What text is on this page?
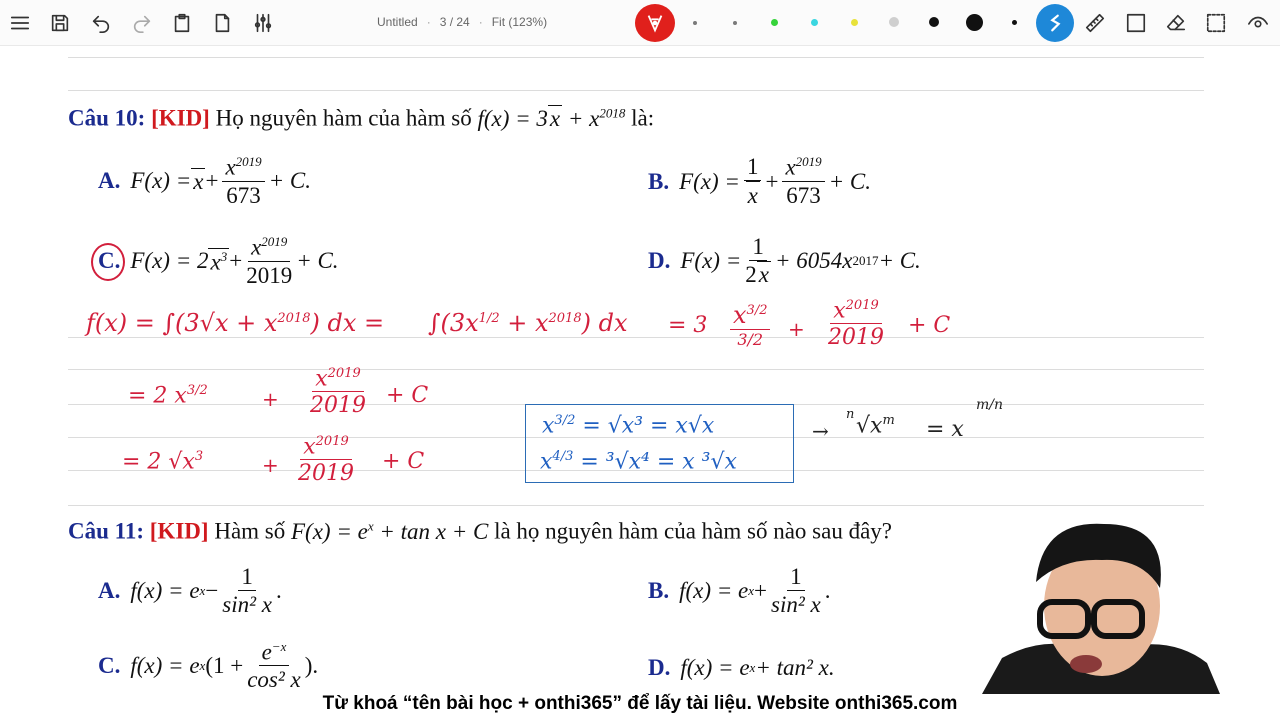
Untitled · 3 / 24 · Fit (123%)
Câu 10: [KID] Họ nguyên hàm của hàm số $f(x) = 3x + x^{2018}$ là:
A. $F(x) = x + \frac{x^{2019}}{673} + C$.	B. $F(x) = \frac{1}{x} + \frac{x^{2019}}{673} + C$.
C. F(x) = 2 $x^3 + \frac{x^{2019}}{2019} + C$.	D. $F(x) = \frac{1}{2x} + 6054x$ 2017 + C.
$f(x) = \int(3√x + x^{2018})$ dx = $\int(3x^{1/2} + x^{2018})$ dx = $3 \frac{x^{3/2}}{3/2} + \frac{x^{2019}}{2019} + C$
= 2 $x^{3/2}$	+ $\frac{x^{2019}}{2019} + C$
= 2 $√x^3$	+ $\frac{x^{2019}}{2019} + C$
$x^{3/2} = √x^3 = x√x$
$x^{4/3} = ^3√x^4 = x$ ³√x
→
n $√x^m = x$
m/n
Câu 11: [KID] Hàm số $F(x) = e^x + \tan x + C$ là họ nguyên hàm của hàm số nào sau đây?
A. f(x) = e $x - \frac{1}{\text{sin² x}}$ .	B. f(x) = e $x + \frac{1}{\text{sin² x}}$ .
C. f(x) = e x ($1 + \frac{e^{-x}}{\text{cos² x}}$ ).	D. f(x) = e x + tan² x.
Từ khoá “tên bài học + onthi365” để lấy tài liệu. Website onthi365.com
